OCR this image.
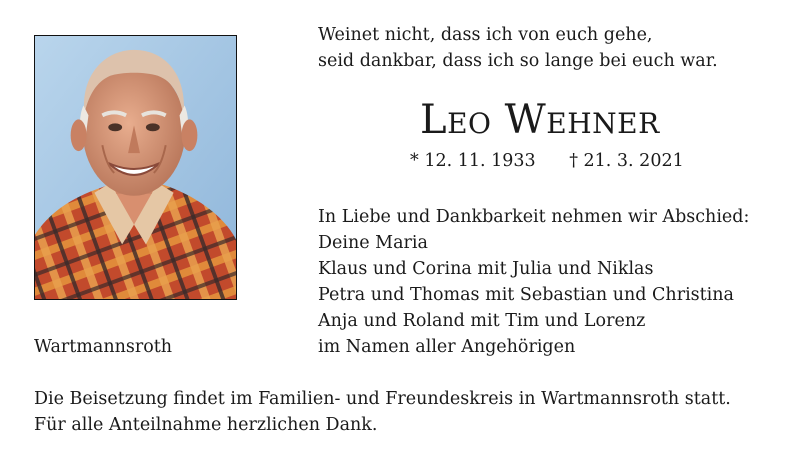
Weinet nicht, dass ich von euch gehe,
seid dankbar, dass ich so lange bei euch war.
Leo Wehner
* 12. 11. 1933 † 21. 3. 2021
In Liebe und Dankbarkeit nehmen wir Abschied:
Deine Maria
Klaus und Corina mit Julia und Niklas
Petra und Thomas mit Sebastian und Christina
Anja und Roland mit Tim und Lorenz
im Namen aller Angehörigen
Wartmannsroth
Die Beisetzung findet im Familien- und Freundeskreis in Wartmannsroth statt.
Für alle Anteilnahme herzlichen Dank.
